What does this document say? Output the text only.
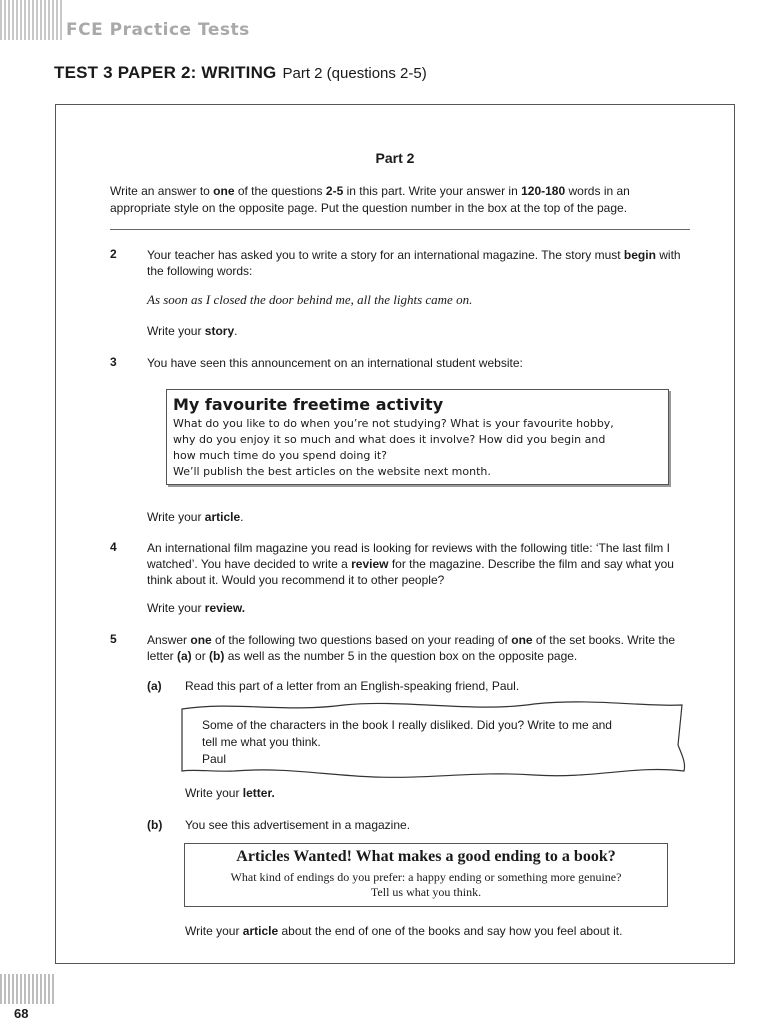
FCE Practice Tests
TEST 3 PAPER 2: WRITING Part 2 (questions 2-5)
Part 2
Write an answer to one of the questions 2-5 in this part. Write your answer in 120-180 words in an appropriate style on the opposite page. Put the question number in the box at the top of the page.
2	Your teacher has asked you to write a story for an international magazine. The story must begin with the following words:
As soon as I closed the door behind me, all the lights came on.
Write your story.
3	You have seen this announcement on an international student website:
My favourite freetime activity
What do you like to do when you’re not studying? What is your favourite hobby,
why do you enjoy it so much and what does it involve? How did you begin and
how much time do you spend doing it?
We’ll publish the best articles on the website next month.
Write your article.
4	An international film magazine you read is looking for reviews with the following title: ‘The last film I watched’. You have decided to write a review for the magazine. Describe the film and say what you think about it. Would you recommend it to other people?
Write your review.
5	Answer one of the following two questions based on your reading of one of the set books. Write the letter (a) or (b) as well as the number 5 in the question box on the opposite page.
(a) Read this part of a letter from an English-speaking friend, Paul.
Some of the characters in the book I really disliked. Did you? Write to me and
tell me what you think.
Paul
Write your letter.
(b) You see this advertisement in a magazine.
Articles Wanted! What makes a good ending to a book?
What kind of endings do you prefer: a happy ending or something more genuine?
Tell us what you think.
Write your article about the end of one of the books and say how you feel about it.
68
